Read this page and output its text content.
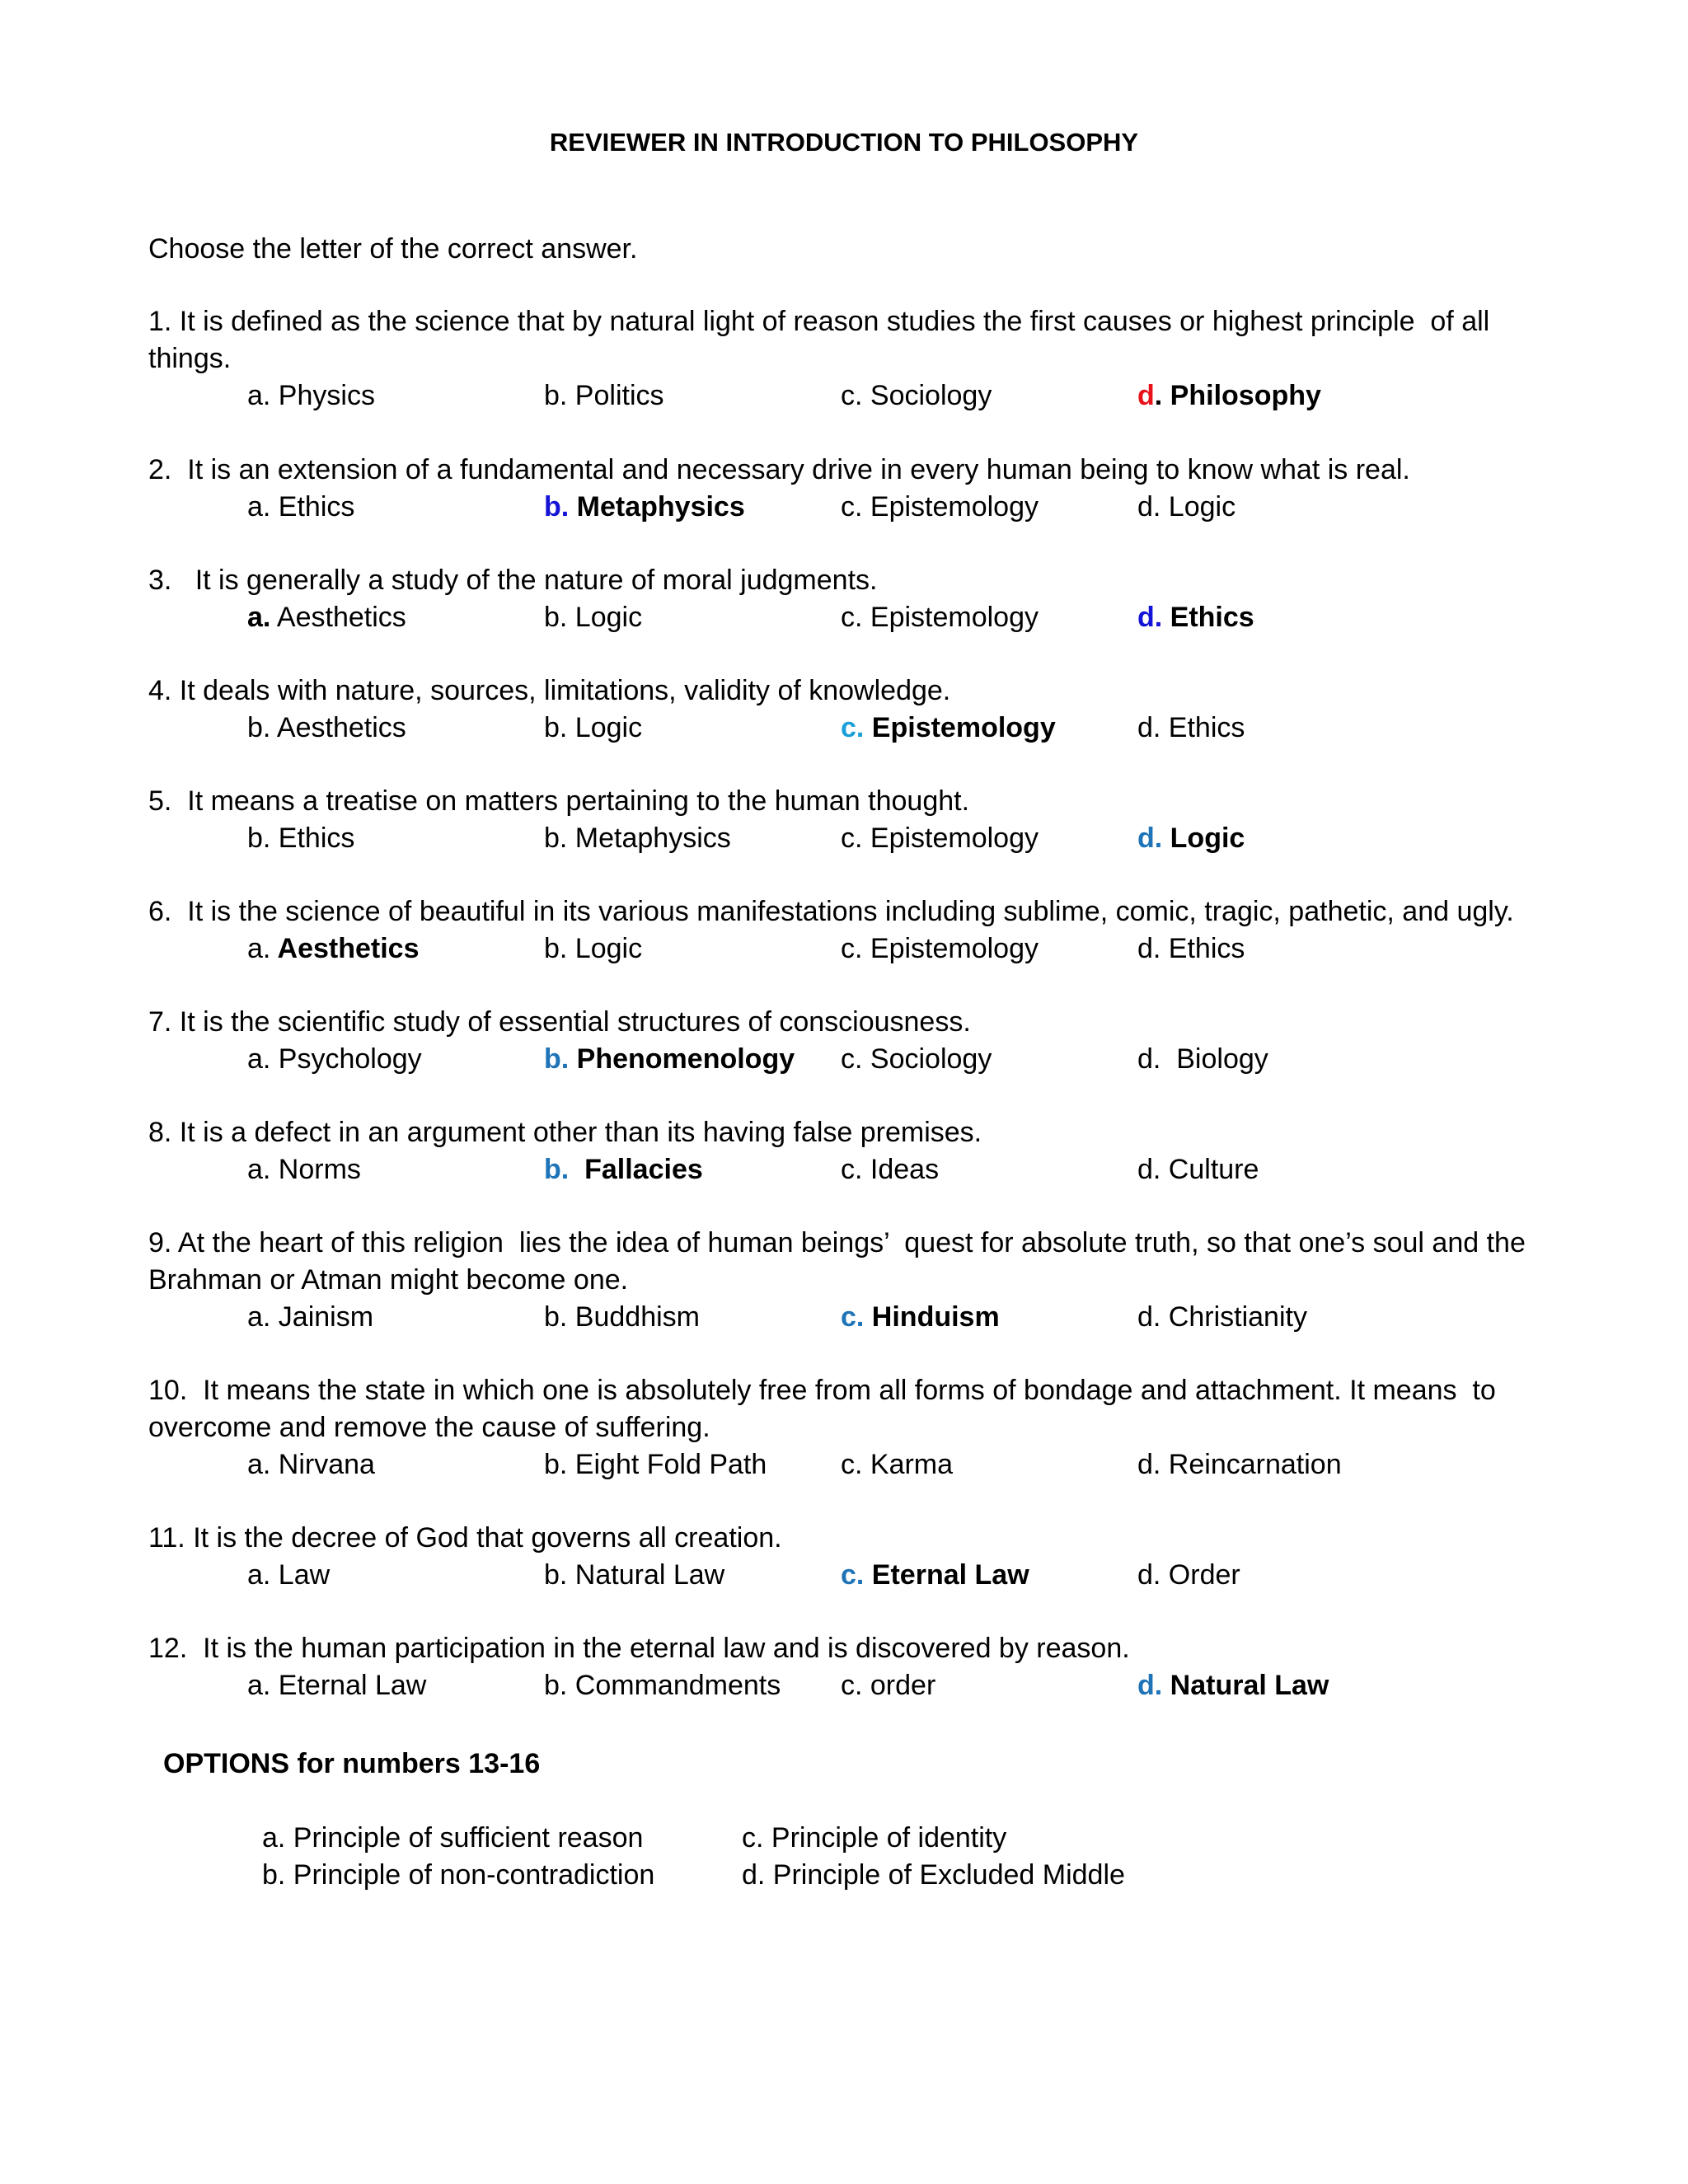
REVIEWER IN INTRODUCTION TO PHILOSOPHY
Choose the letter of the correct answer.
1. It is defined as the science that by natural light of reason studies the first causes or highest principle  of all things.
a. Physics	b. Politics	c. Sociology	d. Philosophy
2.  It is an extension of a fundamental and necessary drive in every human being to know what is real.
a. Ethics	b. Metaphysics	c. Epistemology	d. Logic
3.   It is generally a study of the nature of moral judgments.
a. Aesthetics	b. Logic	c. Epistemology	d. Ethics
4. It deals with nature, sources, limitations, validity of knowledge.
b. Aesthetics	b. Logic	c. Epistemology	d. Ethics
5.  It means a treatise on matters pertaining to the human thought.
b. Ethics	b. Metaphysics	c. Epistemology	d. Logic
6.  It is the science of beautiful in its various manifestations including sublime, comic, tragic, pathetic, and ugly.
a. Aesthetics	b. Logic	c. Epistemology	d. Ethics
7. It is the scientific study of essential structures of consciousness.
a. Psychology	b. Phenomenology c. Sociology	d.  Biology
8. It is a defect in an argument other than its having false premises.
a. Norms	b.  Fallacies	c. Ideas	d. Culture
9. At the heart of this religion  lies the idea of human beings’  quest for absolute truth, so that one’s soul and the Brahman or Atman might become one.
a. Jainism	b. Buddhism	c. Hinduism	d. Christianity
10.  It means the state in which one is absolutely free from all forms of bondage and attachment. It means  to overcome and remove the cause of suffering.
a. Nirvana	b. Eight Fold Path	c. Karma	d. Reincarnation
11. It is the decree of God that governs all creation.
a. Law	b. Natural Law	c. Eternal Law	d. Order
12.  It is the human participation in the eternal law and is discovered by reason.
a. Eternal Law	b. Commandments c. order	d. Natural Law
OPTIONS for numbers 13-16
a. Principle of sufficient reason
b. Principle of non-contradiction
c. Principle of identity
d. Principle of Excluded Middle
